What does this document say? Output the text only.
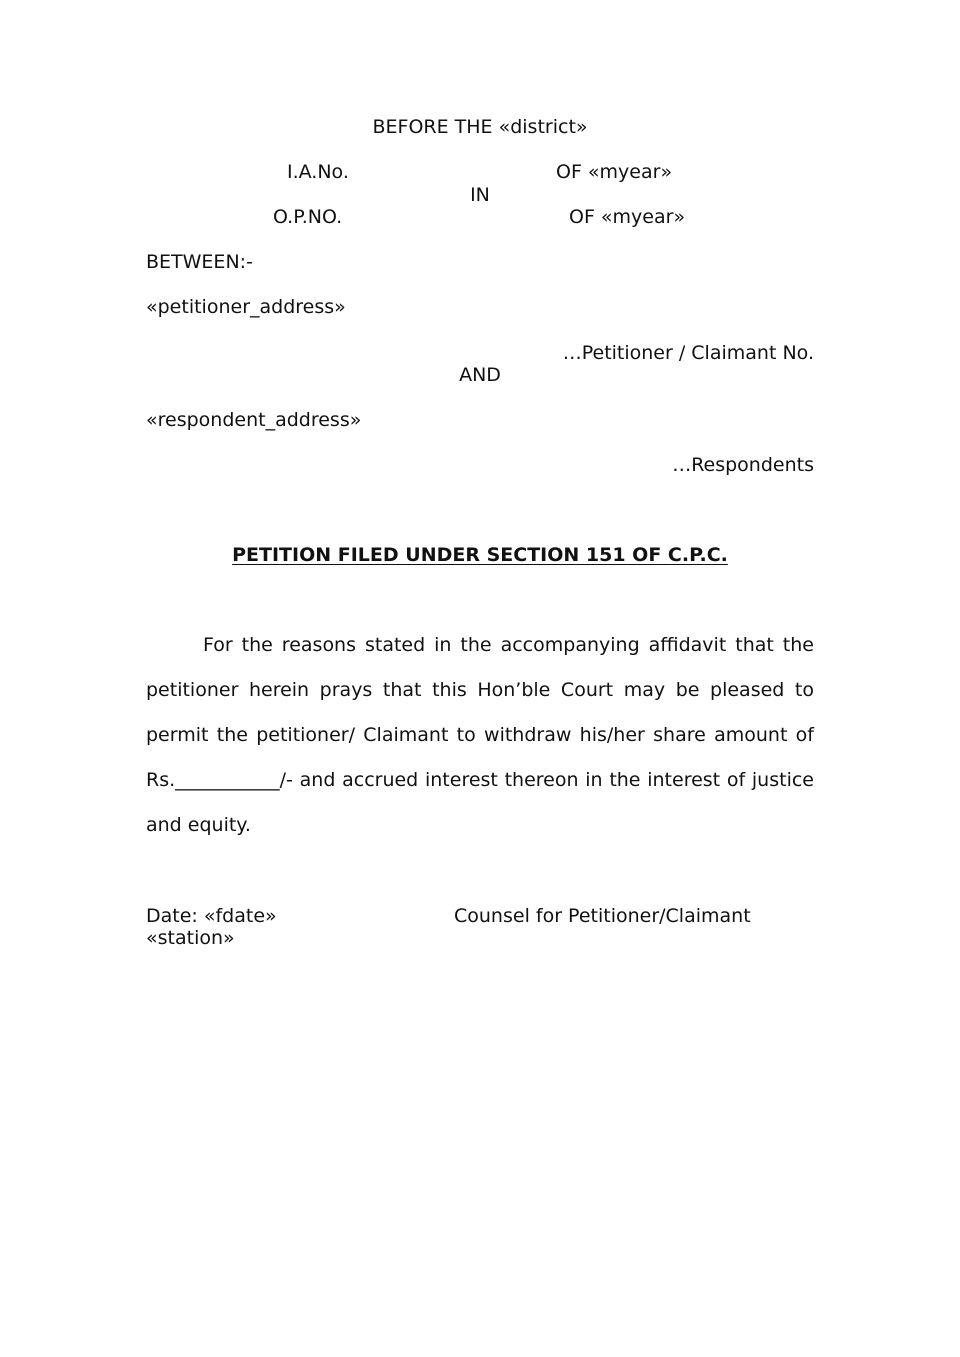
BEFORE THE «district»
I.A.No.	OF «myear»
IN
O.P.NO.	OF «myear»
BETWEEN:-
«petitioner_address»
…Petitioner / Claimant No.
AND
«respondent_address»
…Respondents
PETITION FILED UNDER SECTION 151 OF C.P.C.
For the reasons stated in the accompanying affidavit that the petitioner herein prays that this Hon’ble Court may be pleased to permit the petitioner/ Claimant to withdraw his/her share amount of Rs.___________/- and accrued interest thereon in the interest of justice and equity.
Date: «fdate»	Counsel for Petitioner/Claimant
«station»
